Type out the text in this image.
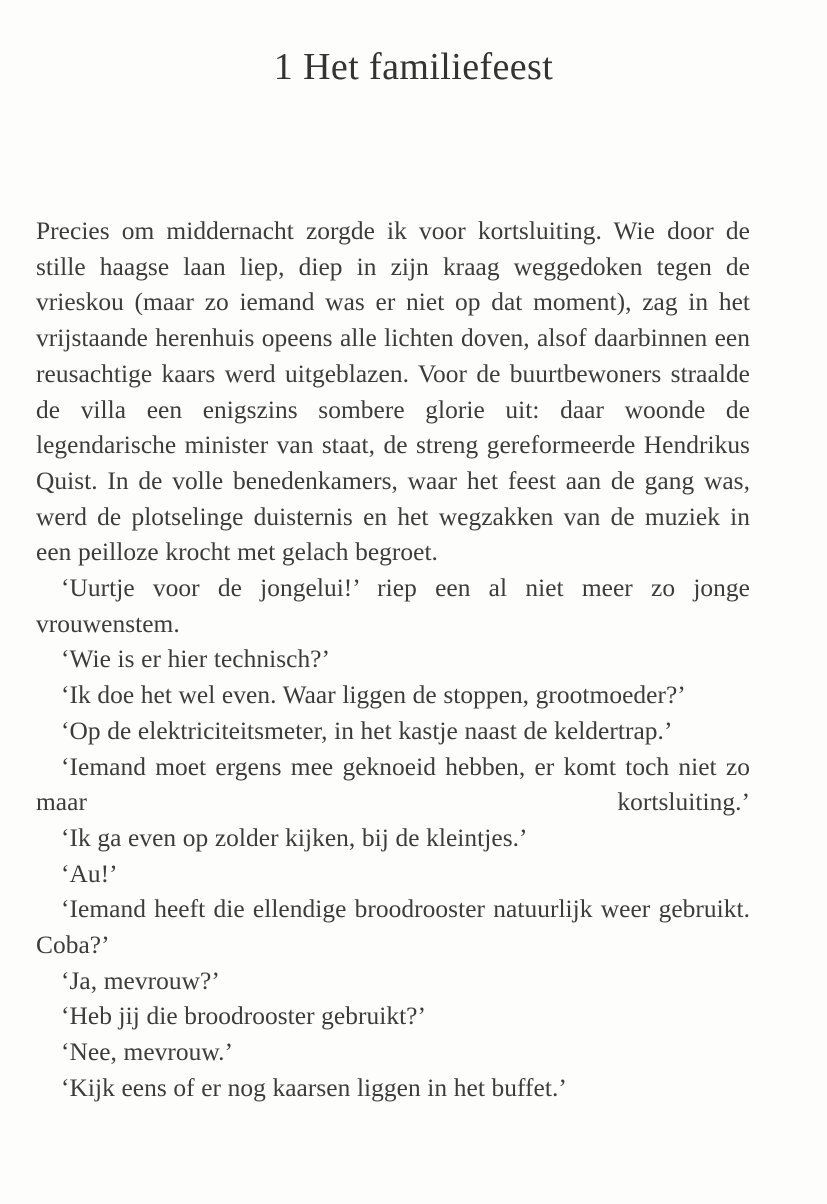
1 Het familiefeest

Precies om middernacht zorgde ik voor kortsluiting. Wie door de stille haagse laan liep, diep in zijn kraag weggedoken tegen de vrieskou (maar zo iemand was er niet op dat moment), zag in het vrijstaande herenhuis opeens alle lichten doven, alsof daarbinnen een reusachtige kaars werd uitgeblazen. Voor de buurtbewoners straalde de villa een enigszins sombere glorie uit: daar woonde de legendarische minister van staat, de streng gereformeerde Hendrikus Quist. In de volle benedenkamers, waar het feest aan de gang was, werd de plotselinge duisternis en het wegzakken van de muziek in een peilloze krocht met gelach begroet.

‘Uurtje voor de jongelui!’ riep een al niet meer zo jonge vrouwenstem.

‘Wie is er hier technisch?’

‘Ik doe het wel even. Waar liggen de stoppen, grootmoeder?’

‘Op de elektriciteitsmeter, in het kastje naast de keldertrap.’

‘Iemand moet ergens mee geknoeid hebben, er komt toch niet zo maar kortsluiting.’

‘Ik ga even op zolder kijken, bij de kleintjes.’

‘Au!’

‘Iemand heeft die ellendige broodrooster natuurlijk weer gebruikt. Coba?’

‘Ja, mevrouw?’

‘Heb jij die broodrooster gebruikt?’

‘Nee, mevrouw.’

‘Kijk eens of er nog kaarsen liggen in het buffet.’
